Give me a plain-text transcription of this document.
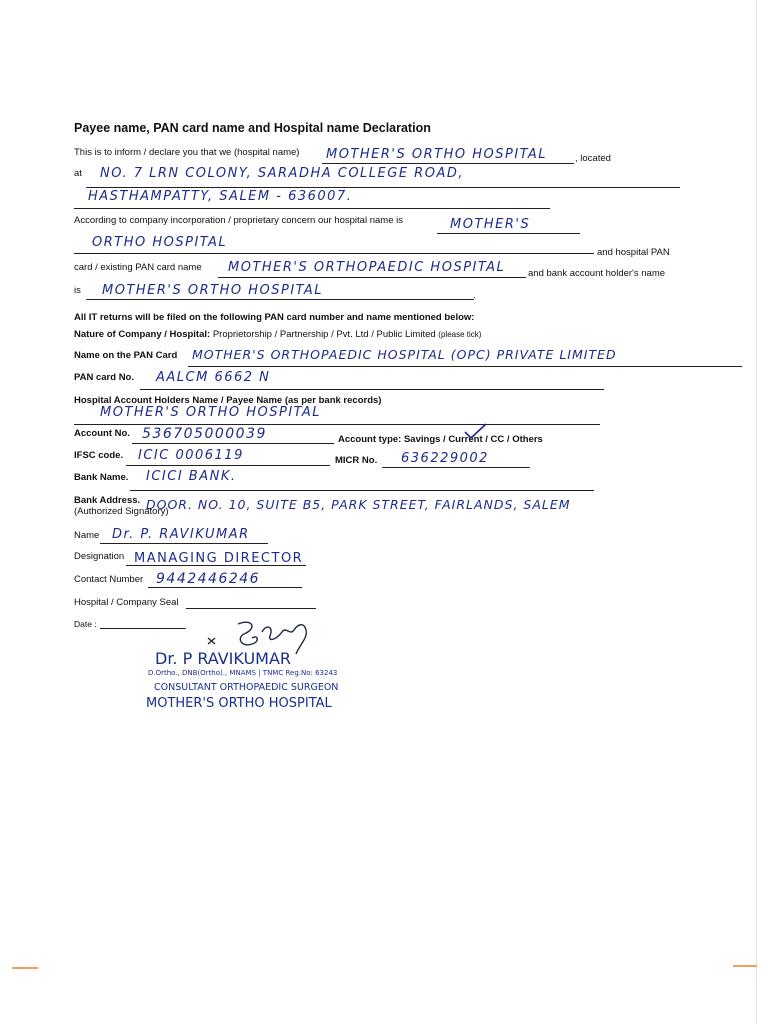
Payee name, PAN card name and Hospital name Declaration
This is to inform / declare you that we (hospital name) MOTHER'S ORTHO HOSPITAL	, located
at NO. 7 LRN COLONY, SARADHA COLLEGE ROAD,
HASTHAMPATTY, SALEM - 636007.
According to company incorporation / proprietary concern our hospital name is	MOTHER'S
ORTHO HOSPITAL
and hospital PAN
card / existing PAN card name MOTHER'S ORTHOPAEDIC HOSPITAL and bank account holder's name
is MOTHER'S ORTHO HOSPITAL	.
All IT returns will be filed on the following PAN card number and name mentioned below:
Nature of Company / Hospital: Proprietorship / Partnership / Pvt. Ltd / Public Limited (please tick)
Name on the PAN Card MOTHER'S ORTHOPAEDIC HOSPITAL (OPC) PRIVATE LIMITED
PAN card No. AALCM 6662 N
Hospital Account Holders Name / Payee Name (as per bank records)
MOTHER'S ORTHO HOSPITAL
Account No. 536705000039	Account type: Savings / Current / CC / Others
IFSC code. ICIC 0006119	MICR No. 636229002
Bank Name. ICICI BANK.
Bank Address. DOOR. NO. 10, SUITE B5, PARK STREET, FAIRLANDS, SALEM
(Authorized Signatory)
Name Dr. P. RAVIKUMAR
Designation MANAGING DIRECTOR
Contact Number 9442446246
Hospital / Company Seal
Date :
Dr. P RAVIKUMAR
D.Ortho., DNB(Ortho)., MNAMS | TNMC Reg.No: 63243
CONSULTANT ORTHOPAEDIC SURGEON
MOTHER'S ORTHO HOSPITAL
